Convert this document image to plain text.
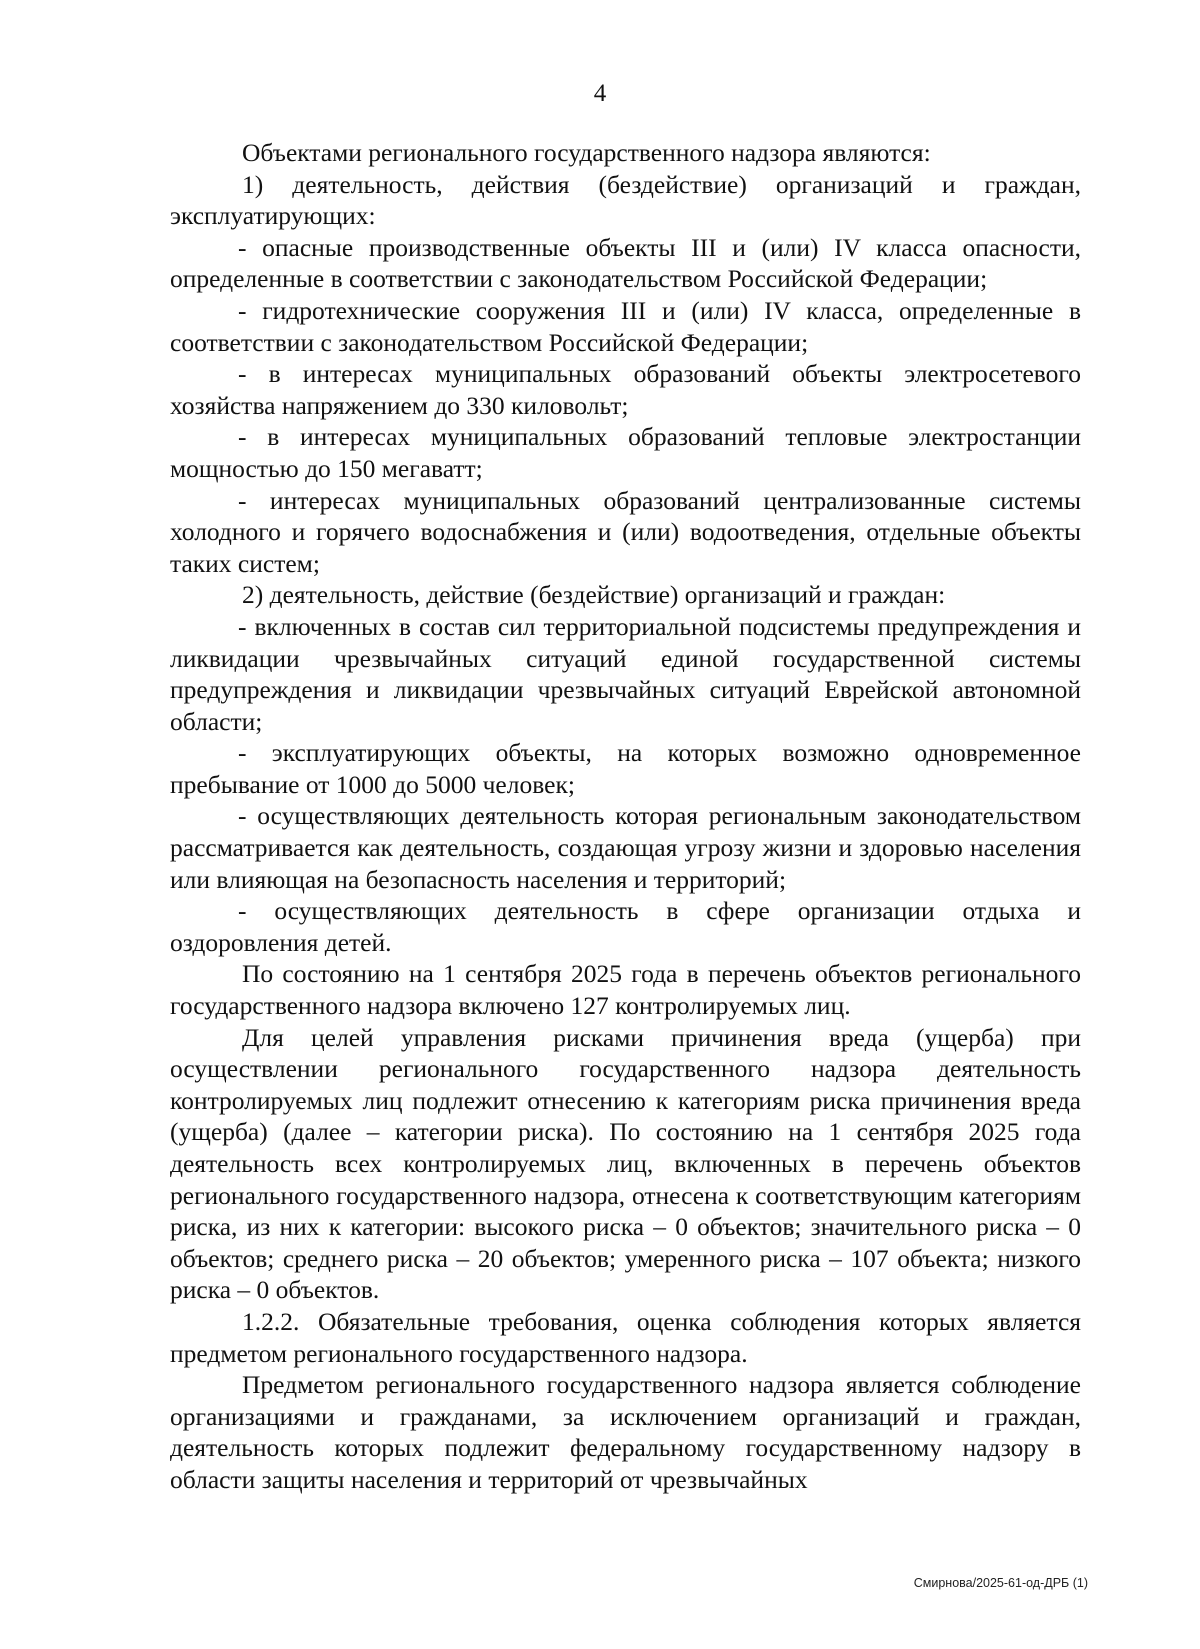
4

Объектами регионального государственного надзора являются:

1) деятельность, действия (бездействие) организаций и граждан, эксплуатирующих:

- опасные производственные объекты III и (или) IV класса опасности, определенные в соответствии с законодательством Российской Федерации;

- гидротехнические сооружения III и (или) IV класса, определенные в соответствии с законодательством Российской Федерации;

- в интересах муниципальных образований объекты электросетевого хозяйства напряжением до 330 киловольт;

- в интересах муниципальных образований тепловые электростанции мощностью до 150 мегаватт;

- интересах муниципальных образований централизованные системы холодного и горячего водоснабжения и (или) водоотведения, отдельные объекты таких систем;

2) деятельность, действие (бездействие) организаций и граждан:

- включенных в состав сил территориальной подсистемы предупреждения и ликвидации чрезвычайных ситуаций единой государственной системы предупреждения и ликвидации чрезвычайных ситуаций Еврейской автономной области;

- эксплуатирующих объекты, на которых возможно одновременное пребывание от 1000 до 5000 человек;

- осуществляющих деятельность которая региональным законодательством рассматривается как деятельность, создающая угрозу жизни и здоровью населения или влияющая на безопасность населения и территорий;

- осуществляющих деятельность в сфере организации отдыха и оздоровления детей.

По состоянию на 1 сентября 2025 года в перечень объектов регионального государственного надзора включено 127 контролируемых лиц.

Для целей управления рисками причинения вреда (ущерба) при осуществлении регионального государственного надзора деятельность контролируемых лиц подлежит отнесению к категориям риска причинения вреда (ущерба) (далее – категории риска). По состоянию на 1 сентября 2025 года деятельность всех контролируемых лиц, включенных в перечень объектов регионального государственного надзора, отнесена к соответствующим категориям риска, из них к категории: высокого риска – 0 объектов; значительного риска – 0 объектов; среднего риска – 20 объектов; умеренного риска – 107 объекта; низкого риска – 0 объектов.

1.2.2. Обязательные требования, оценка соблюдения которых является предметом регионального государственного надзора.

Предметом регионального государственного надзора является соблюдение организациями и гражданами, за исключением организаций и граждан, деятельность которых подлежит федеральному государственному надзору в области защиты населения и территорий от чрезвычайных

Смирнова/2025-61-од-ДРБ (1)
